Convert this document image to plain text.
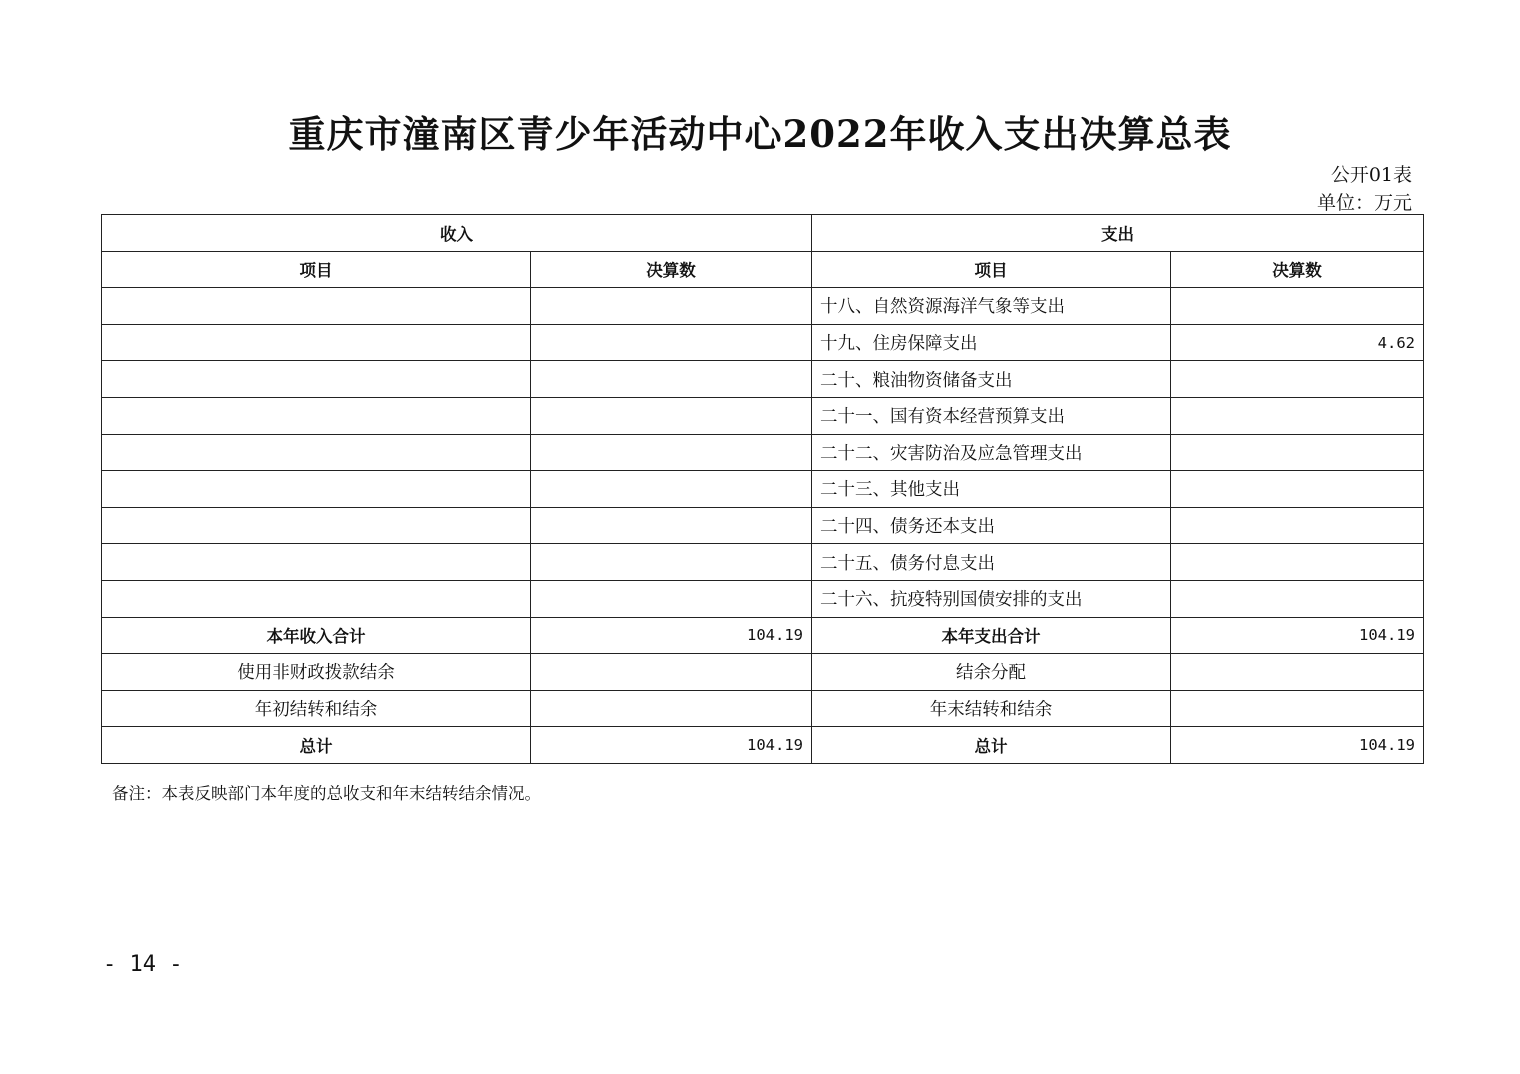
重庆市潼南区青少年活动中心2022年收入支出决算总表
公开01表
单位：万元
收入		支出	
项目	决算数	项目	决算数
		十八、自然资源海洋气象等支出	
		十九、住房保障支出	4.62
		二十、粮油物资储备支出	
		二十一、国有资本经营预算支出	
		二十二、灾害防治及应急管理支出	
		二十三、其他支出	
		二十四、债务还本支出	
		二十五、债务付息支出	
		二十六、抗疫特别国债安排的支出	
本年收入合计	104.19	本年支出合计	104.19
使用非财政拨款结余		结余分配	
年初结转和结余		年末结转和结余	
总计	104.19	总计	104.19
备注：本表反映部门本年度的总收支和年末结转结余情况。
- 14 -
